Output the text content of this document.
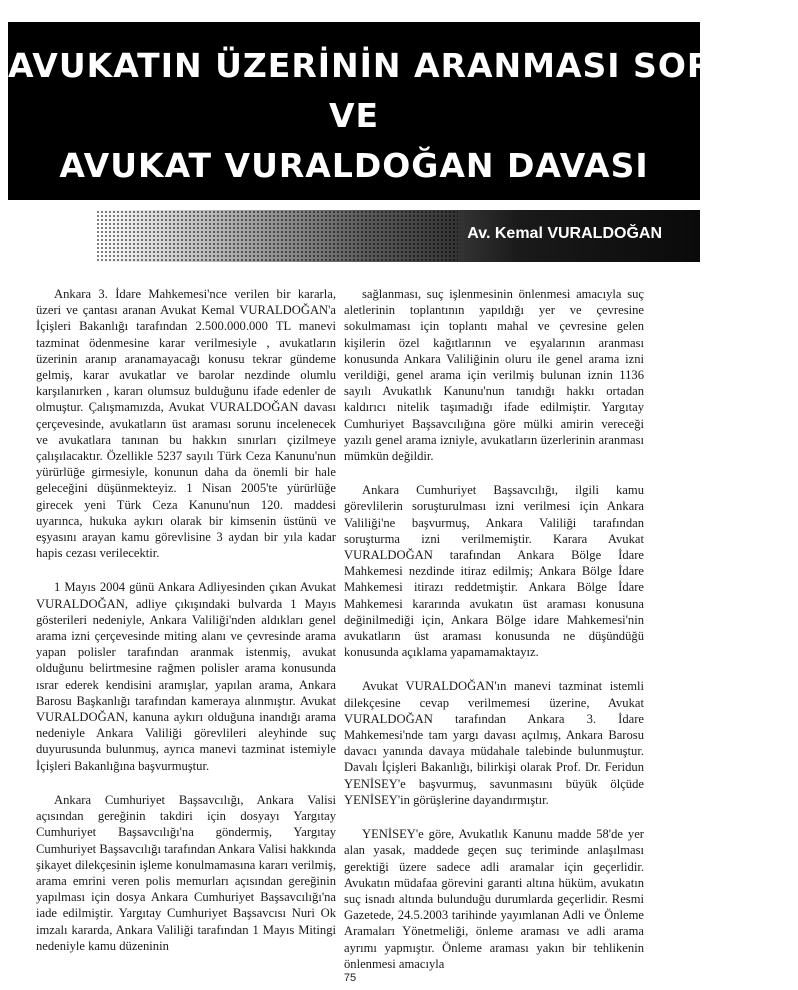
AVUKATIN ÜZERİNİN ARANMASI SORUNU
VE
AVUKAT VURALDOĞAN DAVASI
Av. Kemal VURALDOĞAN

Ankara 3. İdare Mahkemesi'nce verilen bir kararla, üzeri ve çantası aranan Avukat Kemal VURALDOĞAN'a İçişleri Bakanlığı tarafından 2.500.000.000 TL manevi tazminat ödenmesine karar verilmesiyle , avukatların üzerinin aranıp aranamayacağı konusu tekrar gündeme gelmiş, karar avukatlar ve barolar nezdinde olumlu karşılanırken , kararı olumsuz bulduğunu ifade edenler de olmuştur. Çalışmamızda, Avukat VURALDOĞAN davası çerçevesinde, avukatların üst araması sorunu incelenecek ve avukatlara tanınan bu hakkın sınırları çizilmeye çalışılacaktır. Özellikle 5237 sayılı Türk Ceza Kanunu'nun yürürlüğe girmesiyle, konunun daha da önemli bir hale geleceğini düşünmekteyiz. 1 Nisan 2005'te yürürlüğe girecek yeni Türk Ceza Kanunu'nun 120. maddesi uyarınca, hukuka aykırı olarak bir kimsenin üstünü ve eşyasını arayan kamu görevlisine 3 aydan bir yıla kadar hapis cezası verilecektir.

1 Mayıs 2004 günü Ankara Adliyesinden çıkan Avukat VURALDOĞAN, adliye çıkışındaki bulvarda 1 Mayıs gösterileri nedeniyle, Ankara Valiliği'nden aldıkları genel arama izni çerçevesinde miting alanı ve çevresinde arama yapan polisler tarafından aranmak istenmiş, avukat olduğunu belirtmesine rağmen polisler arama konusunda ısrar ederek kendisini aramışlar, yapılan arama, Ankara Barosu Başkanlığı tarafından kameraya alınmıştır. Avukat VURALDOĞAN, kanuna aykırı olduğuna inandığı arama nedeniyle Ankara Valiliği görevlileri aleyhinde suç duyurusunda bulunmuş, ayrıca manevi tazminat istemiyle İçişleri Bakanlığına başvurmuştur.

Ankara Cumhuriyet Başsavcılığı, Ankara Valisi açısından gereğinin takdiri için dosyayı Yargıtay Cumhuriyet Başsavcılığı'na göndermiş, Yargıtay Cumhuriyet Başsavcılığı tarafından Ankara Valisi hakkında şikayet dilekçesinin işleme konulmamasına kararı verilmiş, arama emrini veren polis memurları açısından gereğinin yapılması için dosya Ankara Cumhuriyet Başsavcılığı'na iade edilmiştir. Yargıtay Cumhuriyet Başsavcısı Nuri Ok imzalı kararda, Ankara Valiliği tarafından 1 Mayıs Mitingi nedeniyle kamu düzeninin

sağlanması, suç işlenmesinin önlenmesi amacıyla suç aletlerinin toplantının yapıldığı yer ve çevresine sokulmaması için toplantı mahal ve çevresine gelen kişilerin özel kağıtlarının ve eşyalarının aranması konusunda Ankara Valiliğinin oluru ile genel arama izni verildiği, genel arama için verilmiş bulunan iznin 1136 sayılı Avukatlık Kanunu'nun tanıdığı hakkı ortadan kaldırıcı nitelik taşımadığı ifade edilmiştir. Yargıtay Cumhuriyet Başsavcılığına göre mülki amirin vereceği yazılı genel arama izniyle, avukatların üzerlerinin aranması mümkün değildir.

Ankara Cumhuriyet Başsavcılığı, ilgili kamu görevlilerin soruşturulması izni verilmesi için Ankara Valiliği'ne başvurmuş, Ankara Valiliği tarafından soruşturma izni verilmemiştir. Karara Avukat VURALDOĞAN tarafından Ankara Bölge İdare Mahkemesi nezdinde itiraz edilmiş; Ankara Bölge İdare Mahkemesi itirazı reddetmiştir. Ankara Bölge İdare Mahkemesi kararında avukatın üst araması konusuna değinilmediği için, Ankara Bölge idare Mahkemesi'nin avukatların üst araması konusunda ne düşündüğü konusunda açıklama yapamamaktayız.

Avukat VURALDOĞAN'ın manevi tazminat istemli dilekçesine cevap verilmemesi üzerine, Avukat VURALDOĞAN tarafından Ankara 3. İdare Mahkemesi'nde tam yargı davası açılmış, Ankara Barosu davacı yanında davaya müdahale talebinde bulunmuştur. Davalı İçişleri Bakanlığı, bilirkişi olarak Prof. Dr. Feridun YENİSEY'e başvurmuş, savunmasını büyük ölçüde YENİSEY'in görüşlerine dayandırmıştır.

YENİSEY'e göre, Avukatlık Kanunu madde 58'de yer alan yasak, maddede geçen suç teriminde anlaşılması gerektiği üzere sadece adli aramalar için geçerlidir. Avukatın müdafaa görevini garanti altına hüküm, avukatın suç isnadı altında bulunduğu durumlarda geçerlidir. Resmi Gazetede, 24.5.2003 tarihinde yayımlanan Adli ve Önleme Aramaları Yönetmeliği, önleme araması ve adli arama ayrımı yapmıştır. Önleme araması yakın bir tehlikenin önlenmesi amacıyla

75
